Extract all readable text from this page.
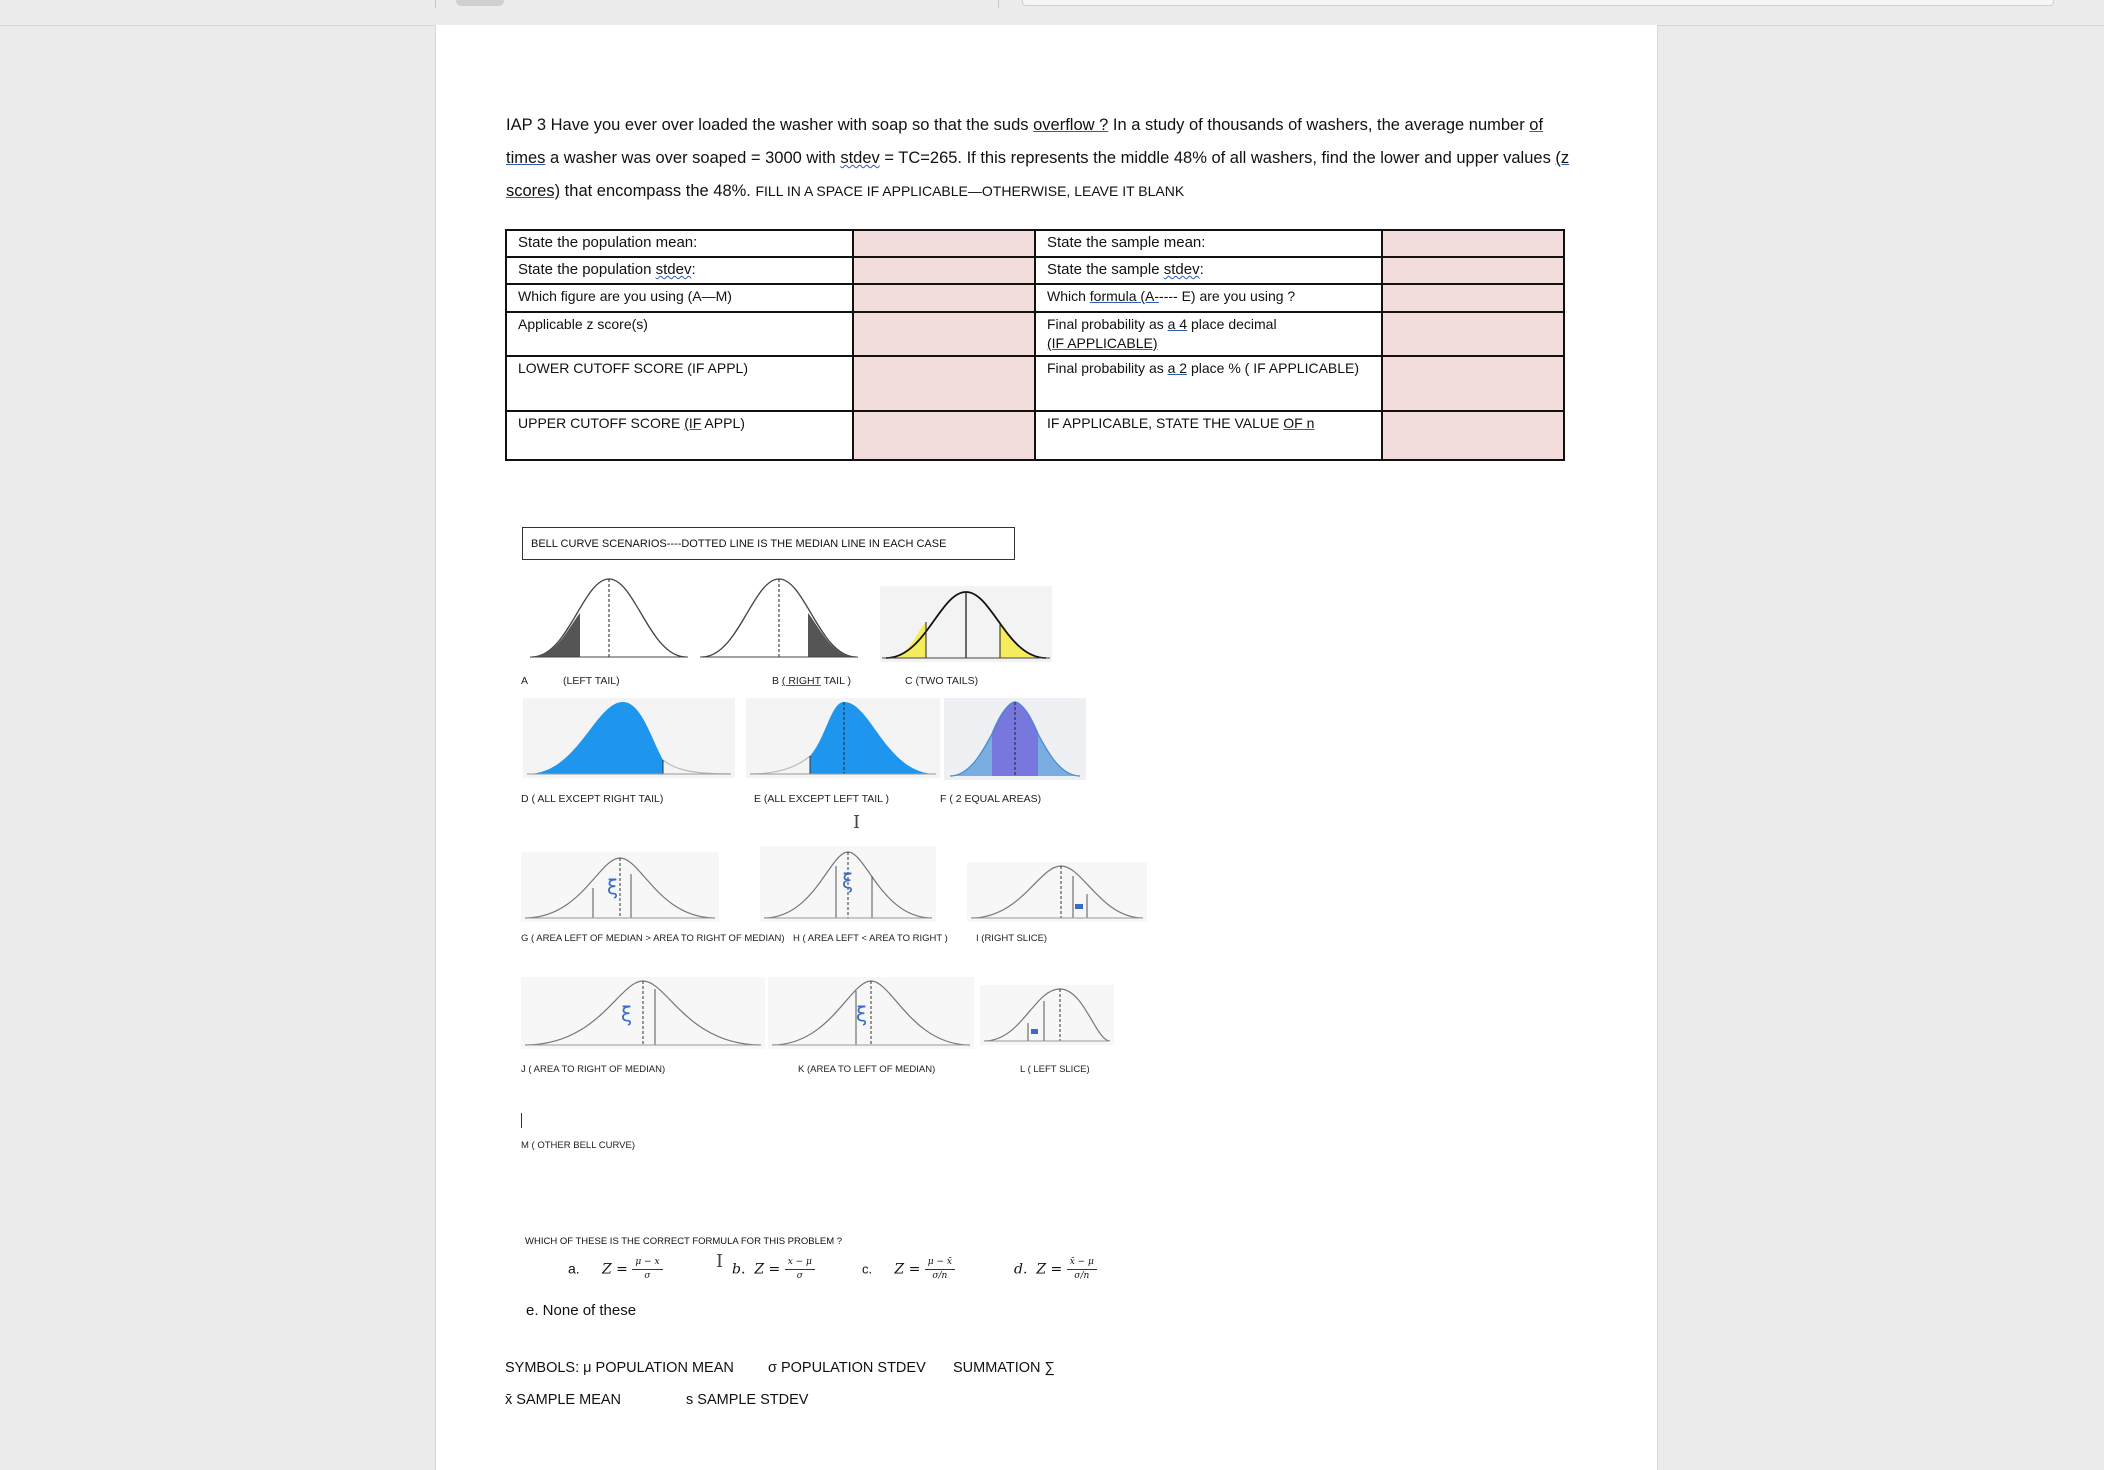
IAP 3 Have you ever over loaded the washer with soap so that the suds overflow ? In a study of thousands of washers, the average number of
times a washer was over soaped = 3000 with stdev = TC=265. If this represents the middle 48% of all washers, find the lower and upper values (z
scores) that encompass the 48%. FILL IN A SPACE IF APPLICABLE—OTHERWISE, LEAVE IT BLANK
State the population mean:		State the sample mean:	
State the population stdev:		State the sample stdev:	
Which figure are you using (A—M)		Which formula (A----- E) are you using ?	
Applicable z score(s)		Final probability as a 4 place decimal
(IF APPLICABLE)	
LOWER CUTOFF SCORE (IF APPL)		Final probability as a 2 place % ( IF APPLICABLE)	
UPPER CUTOFF SCORE (IF APPL)		IF APPLICABLE, STATE THE VALUE OF n	
BELL CURVE SCENARIOS----DOTTED LINE IS THE MEDIAN LINE IN EACH CASE
A	(LEFT TAIL)	B ( RIGHT TAIL )	C (TWO TAILS)
D ( ALL EXCEPT RIGHT TAIL)	E (ALL EXCEPT LEFT TAIL )	F ( 2 EQUAL AREAS)
I
ξ	ξ
G ( AREA LEFT OF MEDIAN > AREA TO RIGHT OF MEDIAN) H ( AREA LEFT < AREA TO RIGHT )	I (RIGHT SLICE)
ξ	ξ
J ( AREA TO RIGHT OF MEDIAN)	K (AREA TO LEFT OF MEDIAN)	L ( LEFT SLICE)
M ( OTHER BELL CURVE)
WHICH OF THESE IS THE CORRECT FORMULA FOR THIS PROBLEM ?
a. $Z = \frac{\mu - x}{\sigma}$	I b. $Z = \frac{x - \mu}{\sigma}$	c. $Z = \frac{\mu - x̄}{\sigma/n}$	d. $Z = \frac{x̄ - \mu}{\sigma/n}$
e. None of these
SYMBOLS: μ POPULATION MEAN σ POPULATION STDEV SUMMATION ∑
x̄ SAMPLE MEAN	s SAMPLE STDEV
